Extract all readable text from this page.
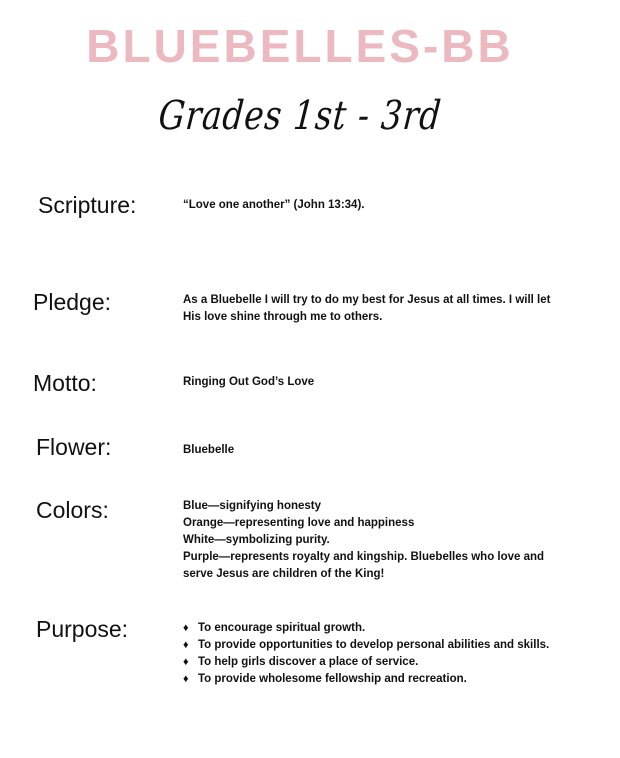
BLUEBELLES-BB
Grades 1st - 3rd
Scripture:	“Love one another” (John 13:34).
Pledge:	As a Bluebelle I will try to do my best for Jesus at all times. I will let
His love shine through me to others.
Motto:	Ringing Out God’s Love
Flower:	Bluebelle
Colors:	Blue—signifying honesty
Orange—representing love and happiness
White—symbolizing purity.
Purple—represents royalty and kingship. Bluebelles who love and
serve Jesus are children of the King!
Purpose:	♦ To encourage spiritual growth.
♦ To provide opportunities to develop personal abilities and skills.
♦ To help girls discover a place of service.
♦ To provide wholesome fellowship and recreation.
